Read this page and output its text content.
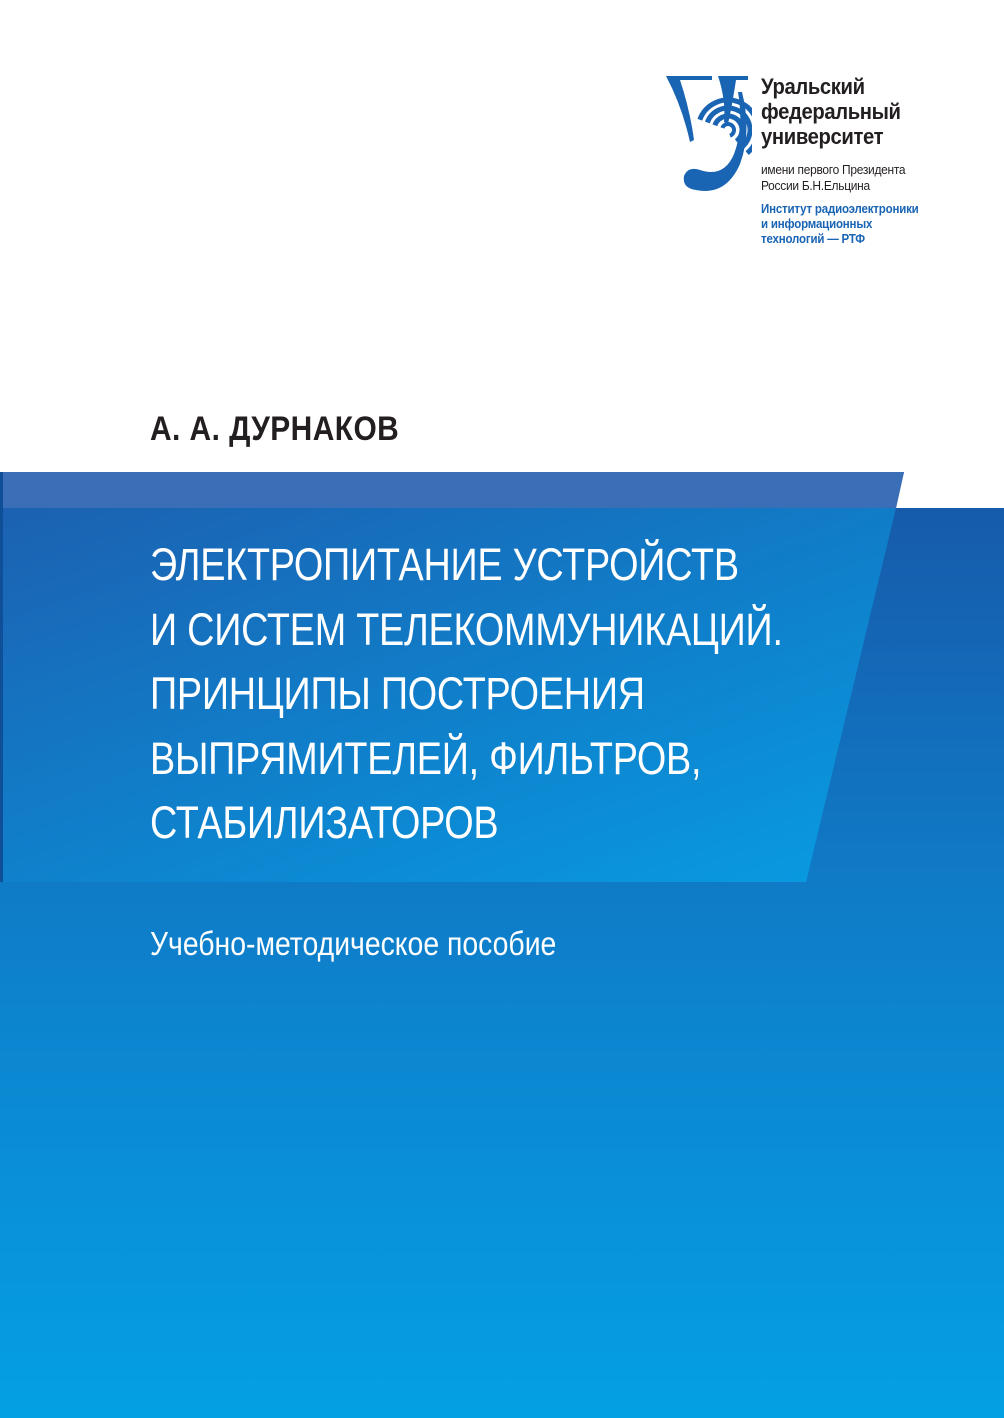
Уральский
федеральный
университет
имени первого Президента
России Б.Н.Ельцина
Институт радиоэлектроники
и информационных
технологий — РТФ
А. А. ДУРНАКОВ
ЭЛЕКТРОПИТАНИЕ УСТРОЙСТВ
И СИСТЕМ ТЕЛЕКОММУНИКАЦИЙ.
ПРИНЦИПЫ ПОСТРОЕНИЯ
ВЫПРЯМИТЕЛЕЙ, ФИЛЬТРОВ,
СТАБИЛИЗАТОРОВ
Учебно-методическое пособие
